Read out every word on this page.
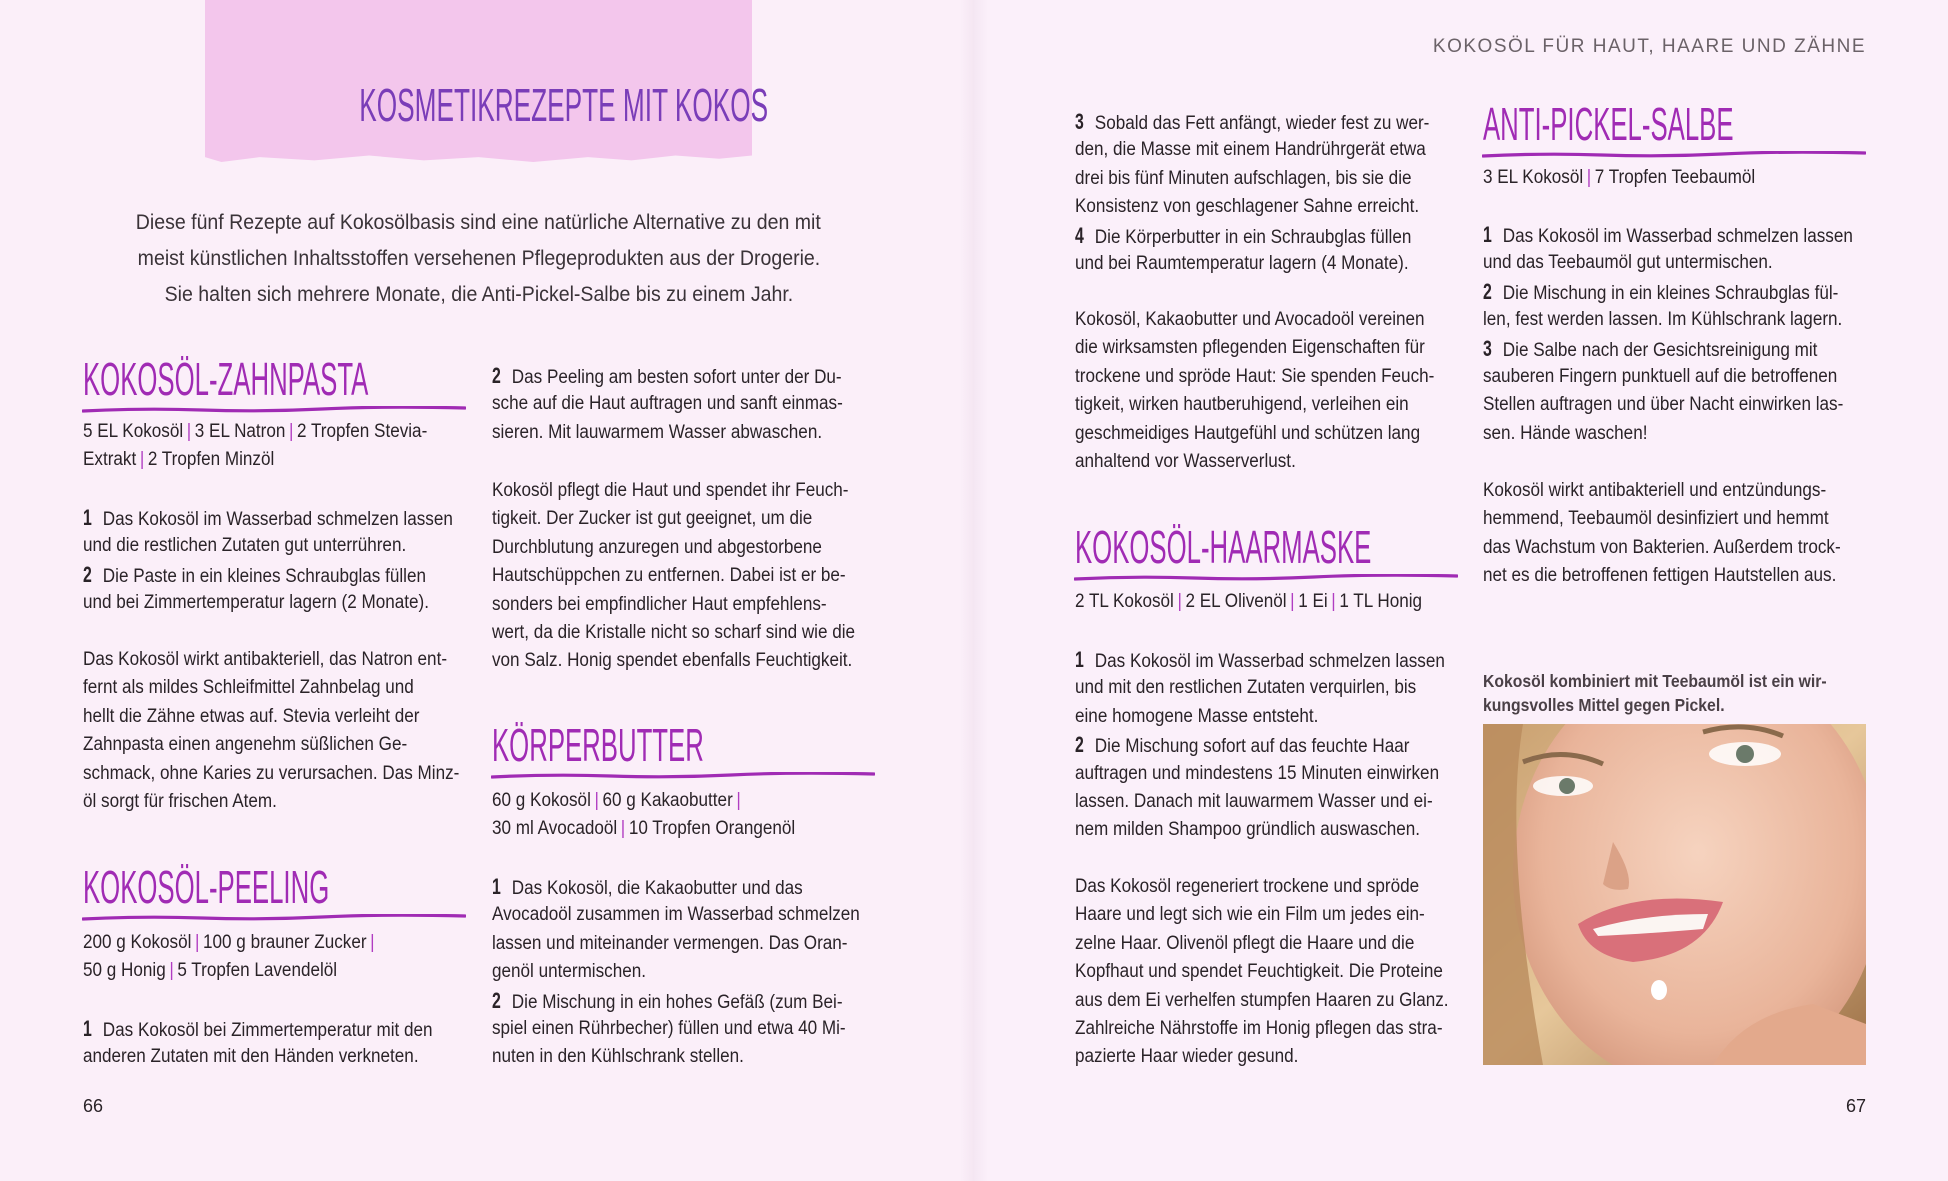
KOSMETIKREZEPTE MIT KOKOS
Diese fünf Rezepte auf Kokosölbasis sind eine natürliche Alternative zu den mit
meist künstlichen Inhaltsstoffen versehenen Pflegeprodukten aus der Drogerie.
Sie halten sich mehrere Monate, die Anti-Pickel-Salbe bis zu einem Jahr.
KOKOSÖL FÜR HAUT, HAARE UND ZÄHNE
66	67
KOKOSÖL-ZAHNPASTA
5 EL Kokosöl | 3 EL Natron | 2 Tropfen Stevia-
Extrakt | 2 Tropfen Minzöl
1 Das Kokosöl im Wasserbad schmelzen lassen
und die restlichen Zutaten gut unterrühren.
2 Die Paste in ein kleines Schraubglas füllen
und bei Zimmertemperatur lagern (2 Monate).
Das Kokosöl wirkt antibakteriell, das Natron ent-
fernt als mildes Schleifmittel Zahnbelag und
hellt die Zähne etwas auf. Stevia verleiht der
Zahnpasta einen angenehm süßlichen Ge-
schmack, ohne Karies zu verursachen. Das Minz-
öl sorgt für frischen Atem.
KOKOSÖL-PEELING
200 g Kokosöl | 100 g brauner Zucker |
50 g Honig | 5 Tropfen Lavendelöl
1 Das Kokosöl bei Zimmertemperatur mit den
anderen Zutaten mit den Händen verkneten.
2 Das Peeling am besten sofort unter der Du-
sche auf die Haut auftragen und sanft einmas-
sieren. Mit lauwarmem Wasser abwaschen.
Kokosöl pflegt die Haut und spendet ihr Feuch-
tigkeit. Der Zucker ist gut geeignet, um die
Durchblutung anzuregen und abgestorbene
Hautschüppchen zu entfernen. Dabei ist er be-
sonders bei empfindlicher Haut empfehlens-
wert, da die Kristalle nicht so scharf sind wie die
von Salz. Honig spendet ebenfalls Feuchtigkeit.
KÖRPERBUTTER
60 g Kokosöl | 60 g Kakaobutter |
30 ml Avocadoöl | 10 Tropfen Orangenöl
1 Das Kokosöl, die Kakaobutter und das
Avocadoöl zusammen im Wasserbad schmelzen
lassen und miteinander vermengen. Das Oran-
genöl untermischen.
2 Die Mischung in ein hohes Gefäß (zum Bei-
spiel einen Rührbecher) füllen und etwa 40 Mi-
nuten in den Kühlschrank stellen.
3 Sobald das Fett anfängt, wieder fest zu wer-
den, die Masse mit einem Handrührgerät etwa
drei bis fünf Minuten aufschlagen, bis sie die
Konsistenz von geschlagener Sahne erreicht.
4 Die Körperbutter in ein Schraubglas füllen
und bei Raumtemperatur lagern (4 Monate).
Kokosöl, Kakaobutter und Avocadoöl vereinen
die wirksamsten pflegenden Eigenschaften für
trockene und spröde Haut: Sie spenden Feuch-
tigkeit, wirken hautberuhigend, verleihen ein
geschmeidiges Hautgefühl und schützen lang
anhaltend vor Wasserverlust.
KOKOSÖL-HAARMASKE
2 TL Kokosöl | 2 EL Olivenöl | 1 Ei | 1 TL Honig
1 Das Kokosöl im Wasserbad schmelzen lassen
und mit den restlichen Zutaten verquirlen, bis
eine homogene Masse entsteht.
2 Die Mischung sofort auf das feuchte Haar
auftragen und mindestens 15 Minuten einwirken
lassen. Danach mit lauwarmem Wasser und ei-
nem milden Shampoo gründlich auswaschen.
Das Kokosöl regeneriert trockene und spröde
Haare und legt sich wie ein Film um jedes ein-
zelne Haar. Olivenöl pflegt die Haare und die
Kopfhaut und spendet Feuchtigkeit. Die Proteine
aus dem Ei verhelfen stumpfen Haaren zu Glanz.
Zahlreiche Nährstoffe im Honig pflegen das stra-
pazierte Haar wieder gesund.
ANTI-PICKEL-SALBE
3 EL Kokosöl | 7 Tropfen Teebaumöl
1 Das Kokosöl im Wasserbad schmelzen lassen
und das Teebaumöl gut untermischen.
2 Die Mischung in ein kleines Schraubglas fül-
len, fest werden lassen. Im Kühlschrank lagern.
3 Die Salbe nach der Gesichtsreinigung mit
sauberen Fingern punktuell auf die betroffenen
Stellen auftragen und über Nacht einwirken las-
sen. Hände waschen!
Kokosöl wirkt antibakteriell und entzündungs-
hemmend, Teebaumöl desinfiziert und hemmt
das Wachstum von Bakterien. Außerdem trock-
net es die betroffenen fettigen Hautstellen aus.
Kokosöl kombiniert mit Teebaumöl ist ein wir-
kungsvolles Mittel gegen Pickel.
